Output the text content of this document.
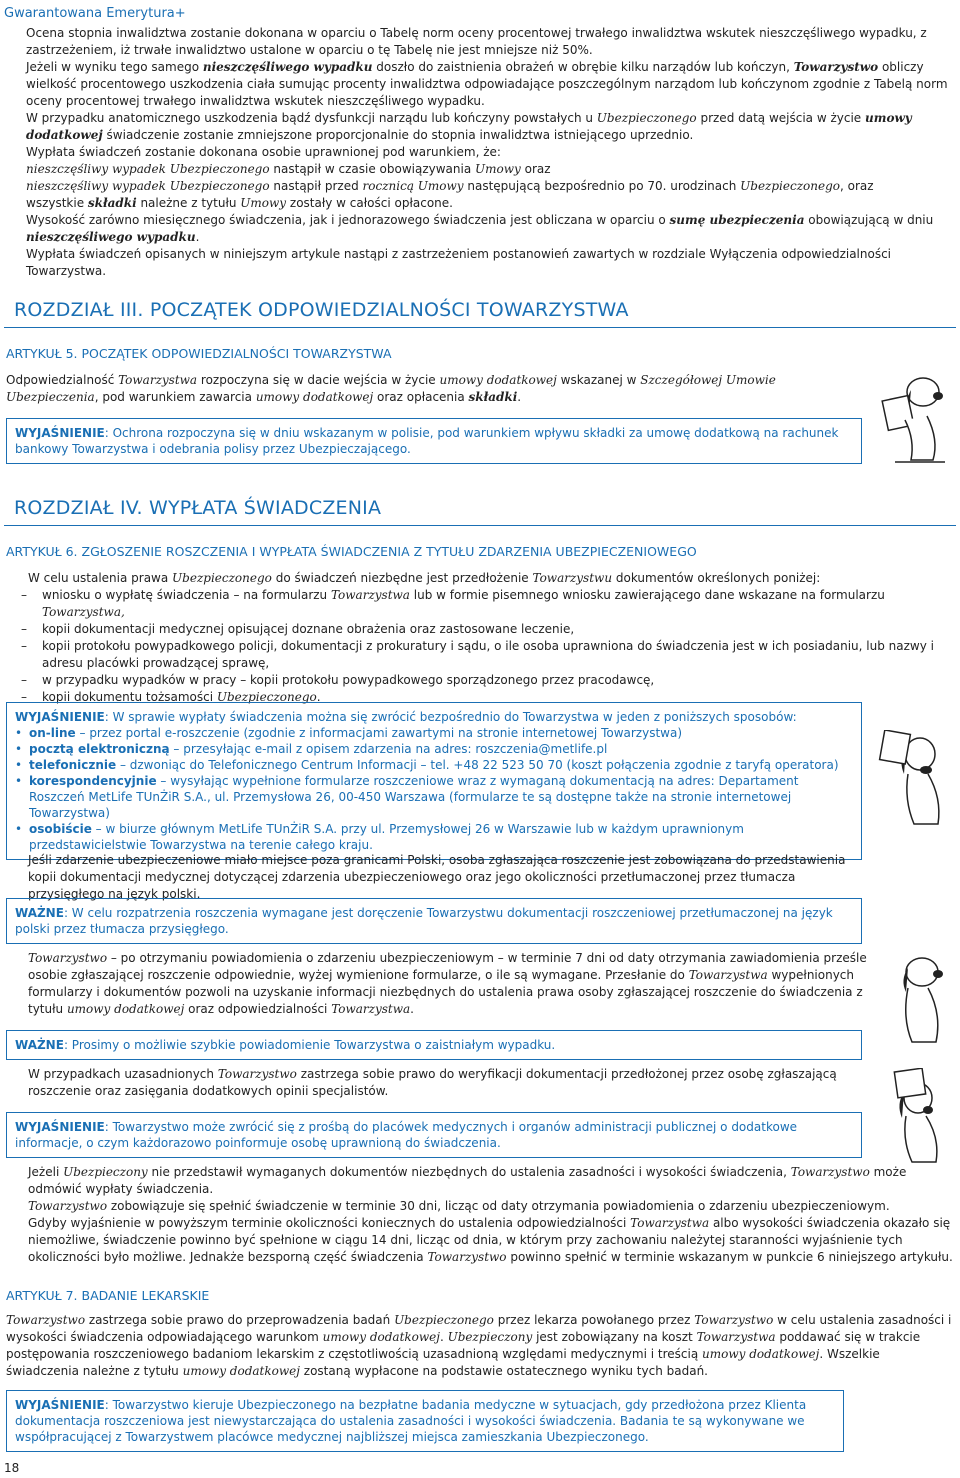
Gwarantowana Emerytura+

Ocena stopnia inwalidztwa zostanie dokonana w oparciu o Tabelę norm oceny procentowej trwałego inwalidztwa wskutek nieszczęśliwego wypadku, z zastrzeżeniem, iż trwałe inwalidztwo ustalone w oparciu o tę Tabelę nie jest mniejsze niż 50%.

Jeżeli w wyniku tego samego nieszczęśliwego wypadku doszło do zaistnienia obrażeń w obrębie kilku narządów lub kończyn, Towarzystwo obliczy wielkość procentowego uszkodzenia ciała sumując procenty inwalidztwa odpowiadające poszczególnym narządom lub kończynom zgodnie z Tabelą norm oceny procentowej trwałego inwalidztwa wskutek nieszczęśliwego wypadku.

W przypadku anatomicznego uszkodzenia bądź dysfunkcji narządu lub kończyny powstałych u Ubezpieczonego przed datą wejścia w życie umowy dodatkowej świadczenie zostanie zmniejszone proporcjonalnie do stopnia inwalidztwa istniejącego uprzednio.

Wypłata świadczeń zostanie dokonana osobie uprawnionej pod warunkiem, że:

nieszczęśliwy wypadek Ubezpieczonego nastąpił w czasie obowiązywania Umowy oraz

nieszczęśliwy wypadek Ubezpieczonego nastąpił przed rocznicą Umowy następującą bezpośrednio po 70. urodzinach Ubezpieczonego, oraz

wszystkie składki należne z tytułu Umowy zostały w całości opłacone.

Wysokość zarówno miesięcznego świadczenia, jak i jednorazowego świadczenia jest obliczana w oparciu o sumę ubezpieczenia obowiązującą w dniu nieszczęśliwego wypadku.

Wypłata świadczeń opisanych w niniejszym artykule nastąpi z zastrzeżeniem postanowień zawartych w rozdziale Wyłączenia odpowiedzialności Towarzystwa.

ROZDZIAŁ III. POCZĄTEK ODPOWIEDZIALNOŚCI TOWARZYSTWA
ARTYKUŁ 5. POCZĄTEK ODPOWIEDZIALNOŚCI TOWARZYSTWA
Odpowiedzialność Towarzystwa rozpoczyna się w dacie wejścia w życie umowy dodatkowej wskazanej w Szczegółowej Umowie Ubezpieczenia, pod warunkiem zawarcia umowy dodatkowej oraz opłacenia składki.
WYJAŚNIENIE: Ochrona rozpoczyna się w dniu wskazanym w polisie, pod warunkiem wpływu składki za umowę dodatkową na rachunek bankowy Towarzystwa i odebrania polisy przez Ubezpieczającego.
ROZDZIAŁ IV. WYPŁATA ŚWIADCZENIA
ARTYKUŁ 6. ZGŁOSZENIE ROSZCZENIA I WYPŁATA ŚWIADCZENIA Z TYTUŁU ZDARZENIA UBEZPIECZENIOWEGO

W celu ustalenia prawa Ubezpieczonego do świadczeń niezbędne jest przedłożenie Towarzystwu dokumentów określonych poniżej:

–	wniosku o wypłatę świadczenia – na formularzu Towarzystwa lub w formie pisemnego wniosku zawierającego dane wskazane na formularzu Towarzystwa,
–	kopii dokumentacji medycznej opisującej doznane obrażenia oraz zastosowane leczenie,
–	kopii protokołu powypadkowego policji, dokumentacji z prokuratury i sądu, o ile osoba uprawniona do świadczenia jest w ich posiadaniu, lub nazwy i adresu placówki prowadzącej sprawę,
–	w przypadku wypadków w pracy – kopii protokołu powypadkowego sporządzonego przez pracodawcę,
–	kopii dokumentu tożsamości Ubezpieczonego.
WYJAŚNIENIE: W sprawie wypłaty świadczenia można się zwrócić bezpośrednio do Towarzystwa w jeden z poniższych sposobów:
• on-line – przez portal e-roszczenie (zgodnie z informacjami zawartymi na stronie internetowej Towarzystwa)
• pocztą elektroniczną – przesyłając e-mail z opisem zdarzenia na adres: roszczenia@metlife.pl
• telefonicznie – dzwoniąc do Telefonicznego Centrum Informacji – tel. +48 22 523 50 70 (koszt połączenia zgodnie z taryfą operatora)
• korespondencyjnie – wysyłając wypełnione formularze roszczeniowe wraz z wymaganą dokumentacją na adres: Departament Roszczeń MetLife TUnŻiR S.A., ul. Przemysłowa 26, 00-450 Warszawa (formularze te są dostępne także na stronie internetowej Towarzystwa)
• osobiście – w biurze głównym MetLife TUnŻiR S.A. przy ul. Przemysłowej 26 w Warszawie lub w każdym uprawnionym przedstawicielstwie Towarzystwa na terenie całego kraju.

Jeśli zdarzenie ubezpieczeniowe miało miejsce poza granicami Polski, osoba zgłaszająca roszczenie jest zobowiązana do przedstawienia kopii dokumentacji medycznej dotyczącej zdarzenia ubezpieczeniowego oraz jego okoliczności przetłumaczonej przez tłumacza przysięgłego na język polski.

WAŻNE: W celu rozpatrzenia roszczenia wymagane jest doręczenie Towarzystwu dokumentacji roszczeniowej przetłumaczonej na język polski przez tłumacza przysięgłego.

Towarzystwo – po otrzymaniu powiadomienia o zdarzeniu ubezpieczeniowym – w terminie 7 dni od daty otrzymania zawiadomienia prześle osobie zgłaszającej roszczenie odpowiednie, wyżej wymienione formularze, o ile są wymagane. Przesłanie do Towarzystwa wypełnionych formularzy i dokumentów pozwoli na uzyskanie informacji niezbędnych do ustalenia prawa osoby zgłaszającej roszczenie do świadczenia z tytułu umowy dodatkowej oraz odpowiedzialności Towarzystwa.

WAŻNE: Prosimy o możliwie szybkie powiadomienie Towarzystwa o zaistniałym wypadku.

W przypadkach uzasadnionych Towarzystwo zastrzega sobie prawo do weryfikacji dokumentacji przedłożonej przez osobę zgłaszającą roszczenie oraz zasięgania dodatkowych opinii specjalistów.

WYJAŚNIENIE: Towarzystwo może zwrócić się z prośbą do placówek medycznych i organów administracji publicznej o dodatkowe informacje, o czym każdorazowo poinformuje osobę uprawnioną do świadczenia.

Jeżeli Ubezpieczony nie przedstawił wymaganych dokumentów niezbędnych do ustalenia zasadności i wysokości świadczenia, Towarzystwo może odmówić wypłaty świadczenia.

Towarzystwo zobowiązuje się spełnić świadczenie w terminie 30 dni, licząc od daty otrzymania powiadomienia o zdarzeniu ubezpieczeniowym.

Gdyby wyjaśnienie w powyższym terminie okoliczności koniecznych do ustalenia odpowiedzialności Towarzystwa albo wysokości świadczenia okazało się niemożliwe, świadczenie powinno być spełnione w ciągu 14 dni, licząc od dnia, w którym przy zachowaniu należytej staranności wyjaśnienie tych okoliczności było możliwe. Jednakże bezsporną część świadczenia Towarzystwo powinno spełnić w terminie wskazanym w punkcie 6 niniejszego artykułu.

ARTYKUŁ 7. BADANIE LEKARSKIE
Towarzystwo zastrzega sobie prawo do przeprowadzenia badań Ubezpieczonego przez lekarza powołanego przez Towarzystwo w celu ustalenia zasadności i wysokości świadczenia odpowiadającego warunkom umowy dodatkowej. Ubezpieczony jest zobowiązany na koszt Towarzystwa poddawać się w trakcie postępowania roszczeniowego badaniom lekarskim z częstotliwością uzasadnioną względami medycznymi i treścią umowy dodatkowej. Wszelkie świadczenia należne z tytułu umowy dodatkowej zostaną wypłacone na podstawie ostatecznego wyniku tych badań.
WYJAŚNIENIE: Towarzystwo kieruje Ubezpieczonego na bezpłatne badania medyczne w sytuacjach, gdy przedłożona przez Klienta dokumentacja roszczeniowa jest niewystarczająca do ustalenia zasadności i wysokości świadczenia. Badania te są wykonywane we współpracującej z Towarzystwem placówce medycznej najbliższej miejsca zamieszkania Ubezpieczonego.
18
